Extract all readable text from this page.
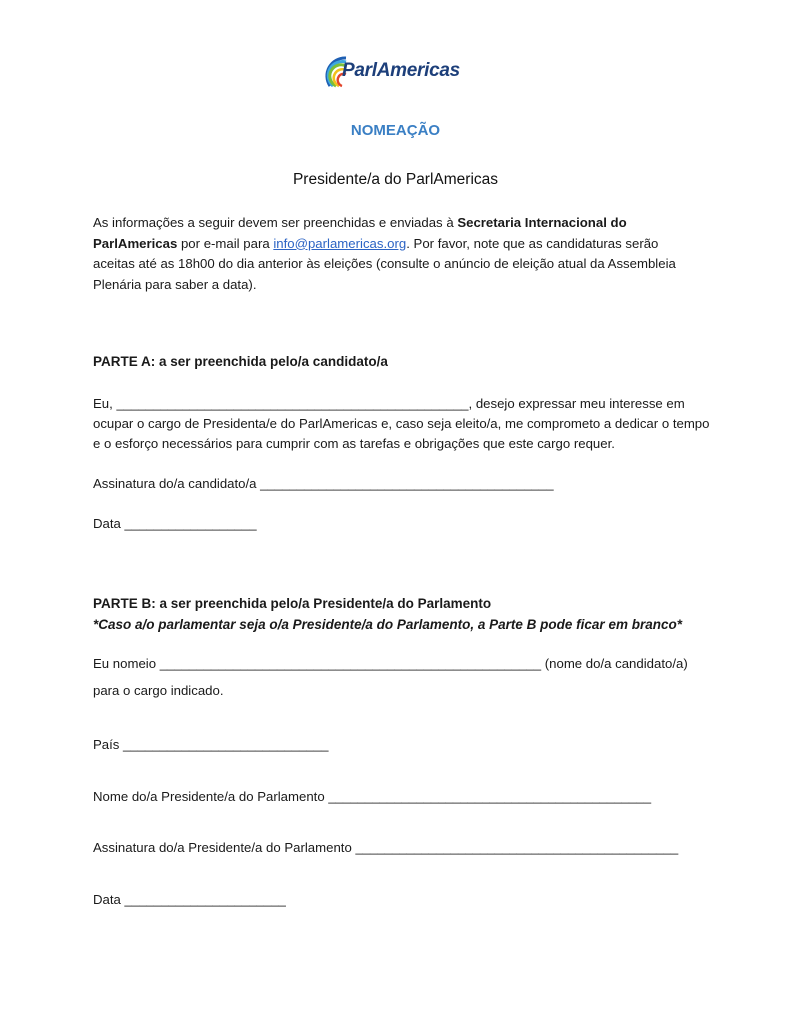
ParlAmericas
NOMEAÇÃO
Presidente/a do ParlAmericas
As informações a seguir devem ser preenchidas e enviadas à Secretaria Internacional do ParlAmericas por e-mail para info@parlamericas.org. Por favor, note que as candidaturas serão aceitas até as 18h00 do dia anterior às eleições (consulte o anúncio de eleição atual da Assembleia Plenária para saber a data).
PARTE A: a ser preenchida pelo/a candidato/a
Eu, ________________________________________________, desejo expressar meu interesse em
ocupar o cargo de Presidenta/e do ParlAmericas e, caso seja eleito/a, me comprometo a dedicar o tempo
e o esforço necessários para cumprir com as tarefas e obrigações que este cargo requer.
Assinatura do/a candidato/a ________________________________________
Data __________________
PARTE B: a ser preenchida pelo/a Presidente/a do Parlamento
*Caso a/o parlamentar seja o/a Presidente/a do Parlamento, a Parte B pode ficar em branco*
Eu nomeio ____________________________________________________ (nome do/a candidato/a)
para o cargo indicado.
País ____________________________
Nome do/a Presidente/a do Parlamento ____________________________________________
Assinatura do/a Presidente/a do Parlamento ____________________________________________
Data ______________________
